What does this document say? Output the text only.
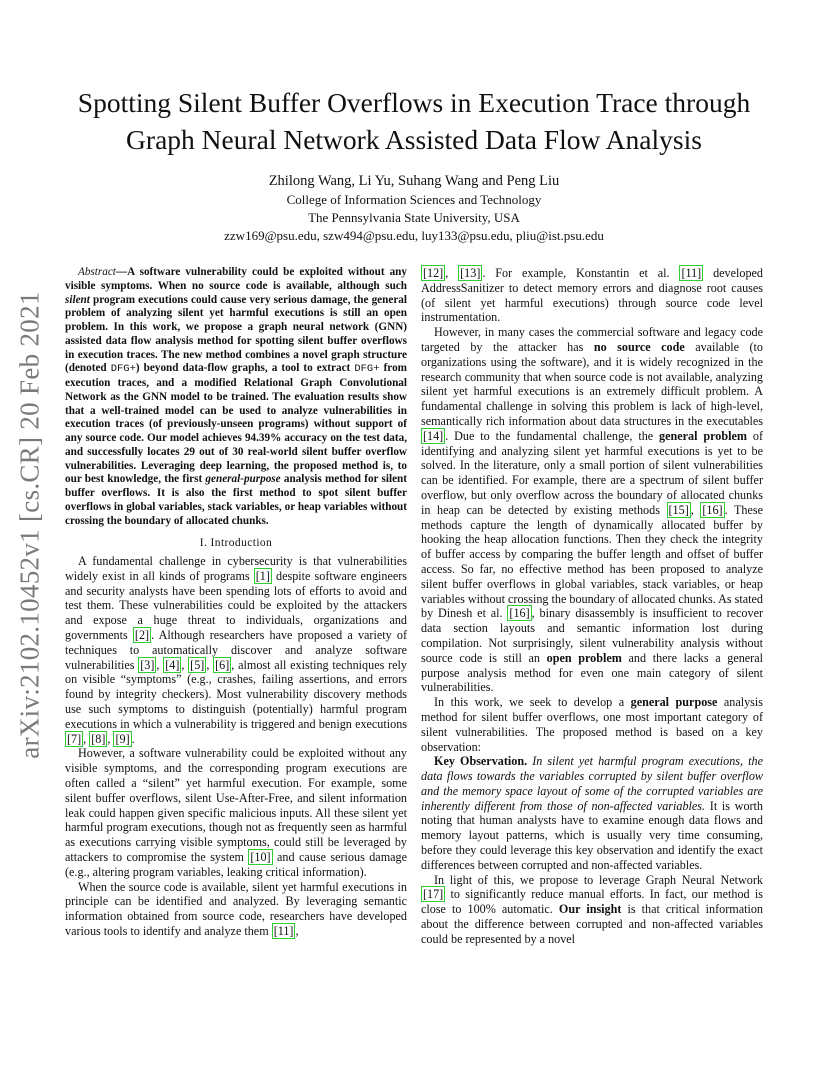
arXiv:2102.10452v1 [cs.CR] 20 Feb 2021
Spotting Silent Buffer Overflows in Execution Trace through
Graph Neural Network Assisted Data Flow Analysis
Zhilong Wang, Li Yu, Suhang Wang and Peng Liu
College of Information Sciences and Technology
The Pennsylvania State University, USA
zzw169@psu.edu, szw494@psu.edu, luy133@psu.edu, pliu@ist.psu.edu

Abstract—A software vulnerability could be exploited without any visible symptoms. When no source code is available, although such silent program executions could cause very serious damage, the general problem of analyzing silent yet harmful executions is still an open problem. In this work, we propose a graph neural network (GNN) assisted data flow analysis method for spotting silent buffer overflows in execution traces. The new method combines a novel graph structure (denoted DFG+) beyond data-flow graphs, a tool to extract DFG+ from execution traces, and a modified Relational Graph Convolutional Network as the GNN model to be trained. The evaluation results show that a well-trained model can be used to analyze vulnerabilities in execution traces (of previously-unseen programs) without support of any source code. Our model achieves 94.39% accuracy on the test data, and successfully locates 29 out of 30 real-world silent buffer overflow vulnerabilities. Leveraging deep learning, the proposed method is, to our best knowledge, the first general-purpose analysis method for silent buffer overflows. It is also the first method to spot silent buffer overflows in global variables, stack variables, or heap variables without crossing the boundary of allocated chunks.

I. Introduction

A fundamental challenge in cybersecurity is that vulnerabilities widely exist in all kinds of programs [1] despite software engineers and security analysts have been spending lots of efforts to avoid and test them. These vulnerabilities could be exploited by the attackers and expose a huge threat to individuals, organizations and governments [2] . Although researchers have proposed a variety of techniques to automatically discover and analyze software vulnerabilities [3] , [4] , [5] , [6] , almost all existing techniques rely on visible “symptoms” (e.g., crashes, failing assertions, and errors found by integrity checkers). Most vulnerability discovery methods use such symptoms to distinguish (potentially) harmful program executions in which a vulnerability is triggered and benign executions [7] , [8] , [9] .

However, a software vulnerability could be exploited without any visible symptoms, and the corresponding program executions are often called a “silent” yet harmful execution. For example, some silent buffer overflows, silent Use-After-Free, and silent information leak could happen given specific malicious inputs. All these silent yet harmful program executions, though not as frequently seen as harmful as executions carrying visible symptoms, could still be leveraged by attackers to compromise the system [10] and cause serious damage (e.g., altering program variables, leaking critical information).

When the source code is available, silent yet harmful executions in principle can be identified and analyzed. By leveraging semantic information obtained from source code, researchers have developed various tools to identify and analyze them [11] ,

[12] , [13] . For example, Konstantin et al. [11] developed AddressSanitizer to detect memory errors and diagnose root causes (of silent yet harmful executions) through source code level instrumentation.

However, in many cases the commercial software and legacy code targeted by the attacker has no source code available (to organizations using the software), and it is widely recognized in the research community that when source code is not available, analyzing silent yet harmful executions is an extremely difficult problem. A fundamental challenge in solving this problem is lack of high-level, semantically rich information about data structures in the executables [14] . Due to the fundamental challenge, the general problem of identifying and analyzing silent yet harmful executions is yet to be solved. In the literature, only a small portion of silent vulnerabilities can be identified. For example, there are a spectrum of silent buffer overflow, but only overflow across the boundary of allocated chunks in heap can be detected by existing methods [15] , [16] . These methods capture the length of dynamically allocated buffer by hooking the heap allocation functions. Then they check the integrity of buffer access by comparing the buffer length and offset of buffer access. So far, no effective method has been proposed to analyze silent buffer overflows in global variables, stack variables, or heap variables without crossing the boundary of allocated chunks. As stated by Dinesh et al. [16] , binary disassembly is insufficient to recover data section layouts and semantic information lost during compilation. Not surprisingly, silent vulnerability analysis without source code is still an open problem and there lacks a general purpose analysis method for even one main category of silent vulnerabilities.

In this work, we seek to develop a general purpose analysis method for silent buffer overflows, one most important category of silent vulnerabilities. The proposed method is based on a key observation:

Key Observation. In silent yet harmful program executions, the data flows towards the variables corrupted by silent buffer overflow and the memory space layout of some of the corrupted variables are inherently different from those of non-affected variables. It is worth noting that human analysts have to examine enough data flows and memory layout patterns, which is usually very time consuming, before they could leverage this key observation and identify the exact differences between corrupted and non-affected variables.

In light of this, we propose to leverage Graph Neural Network [17] to significantly reduce manual efforts. In fact, our method is close to 100% automatic. Our insight is that critical information about the difference between corrupted and non-affected variables could be represented by a novel
